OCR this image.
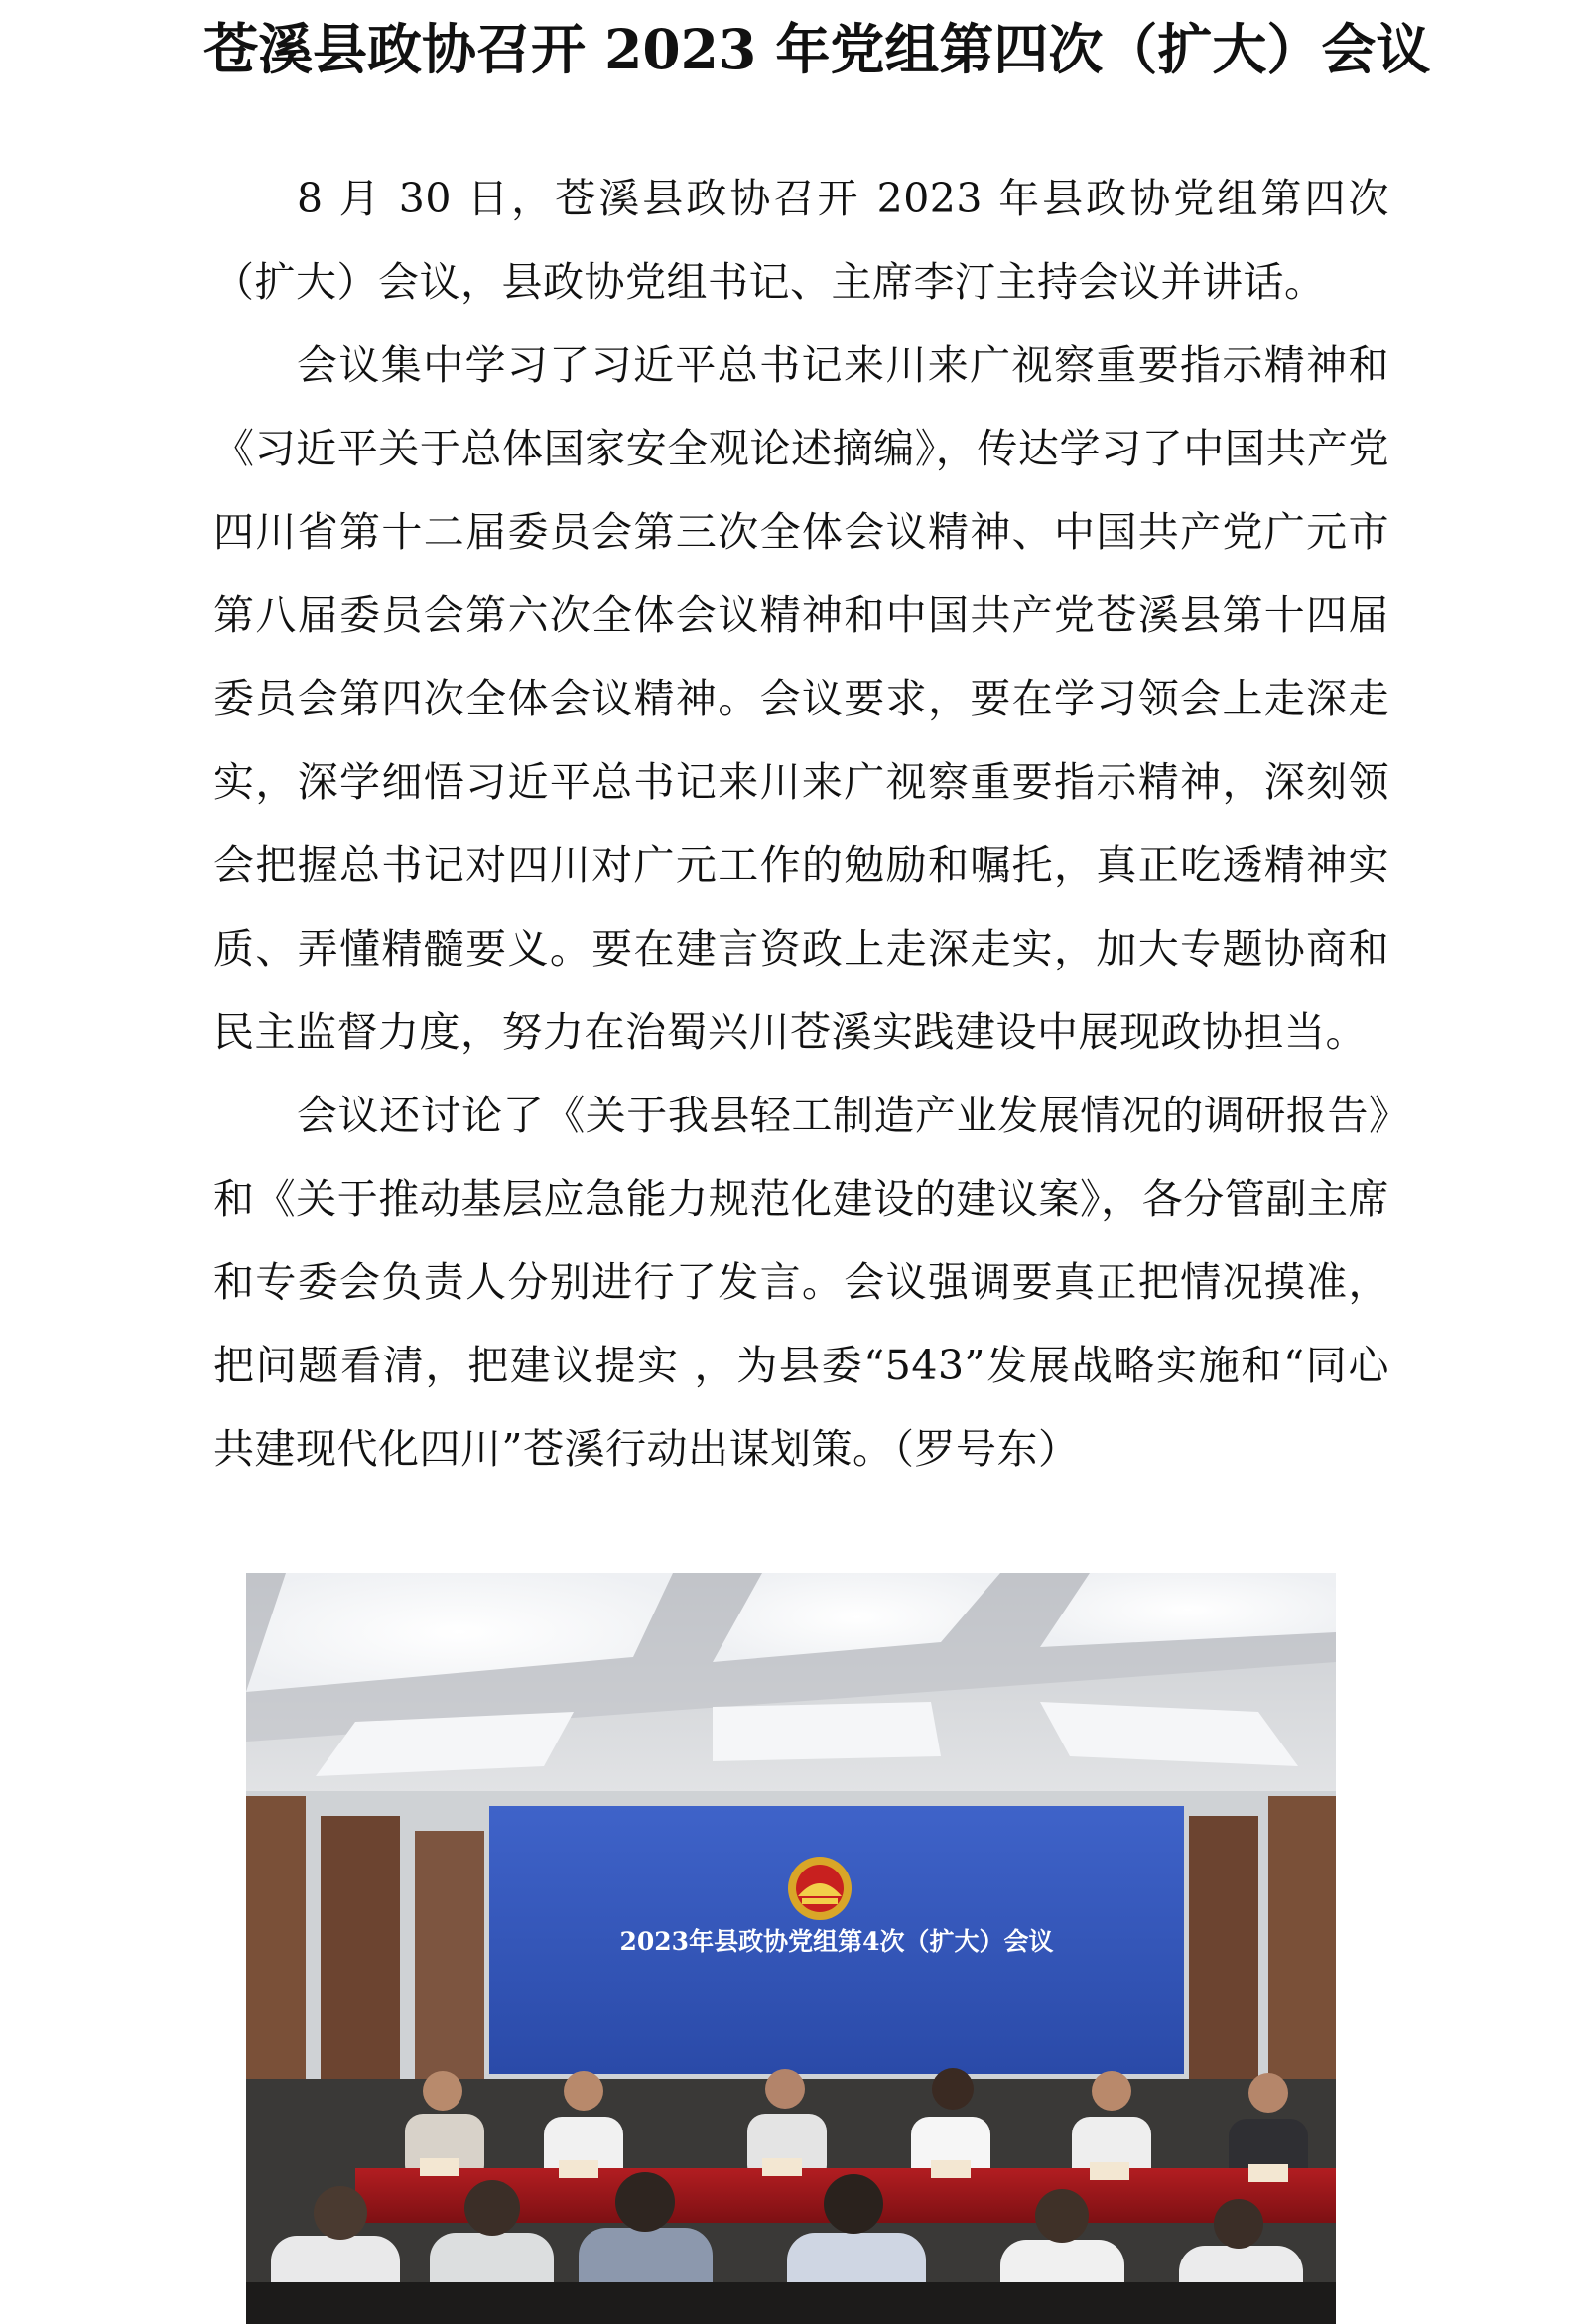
苍溪县政协召开 2023 年党组第四次（扩大）会议

8 月 30 日，苍溪县政协召开 2023 年县政协党组第四次（扩大）会议，县政协党组书记、主席李汀主持会议并讲话。

会议集中学习了习近平总书记来川来广视察重要指示精神和《习近平关于总体国家安全观论述摘编》，传达学习了中国共产党四川省第十二届委员会第三次全体会议精神、中国共产党广元市第八届委员会第六次全体会议精神和中国共产党苍溪县第十四届委员会第四次全体会议精神。会议要求，要在学习领会上走深走实，深学细悟习近平总书记来川来广视察重要指示精神，深刻领会把握总书记对四川对广元工作的勉励和嘱托，真正吃透精神实质、弄懂精髓要义。要在建言资政上走深走实，加大专题协商和民主监督力度，努力在治蜀兴川苍溪实践建设中展现政协担当。

会议还讨论了《关于我县轻工制造产业发展情况的调研报告》和《关于推动基层应急能力规范化建设的建议案》，各分管副主席和专委会负责人分别进行了发言。会议强调要真正把情况摸准，把问题看清，把建议提实 ，为县委“543”发展战略实施和“同心共建现代化四川”苍溪行动出谋划策。（罗号东）

2023年县政协党组第4次（扩大）会议
